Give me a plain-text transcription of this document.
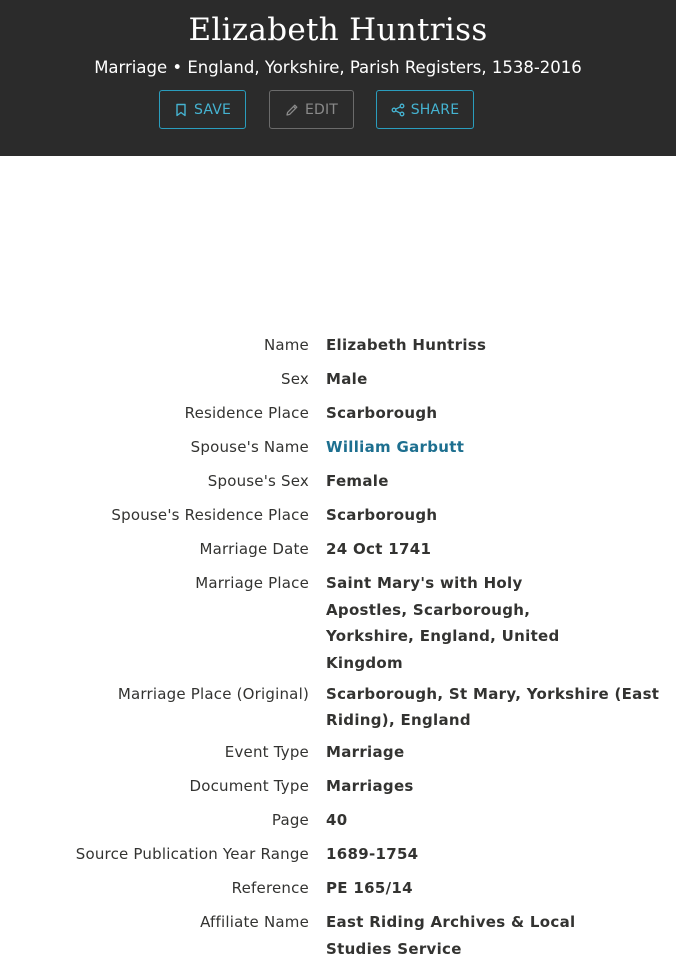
Elizabeth Huntriss
Marriage • England, Yorkshire, Parish Registers, 1538-2016
SAVE	EDIT	SHARE
Name	Elizabeth Huntriss
Sex	Male
Residence Place	Scarborough
Spouse's Name	William Garbutt
Spouse's Sex	Female
Spouse's Residence Place	Scarborough
Marriage Date	24 Oct 1741
Marriage Place	Saint Mary's with Holy Apostles, Scarborough, Yorkshire, England, United Kingdom
Marriage Place (Original)	Scarborough, St Mary, Yorkshire (East Riding), England
Event Type	Marriage
Document Type	Marriages
Page	40
Source Publication Year Range	1689-1754
Reference	PE 165/14
Affiliate Name	East Riding Archives & Local Studies Service
